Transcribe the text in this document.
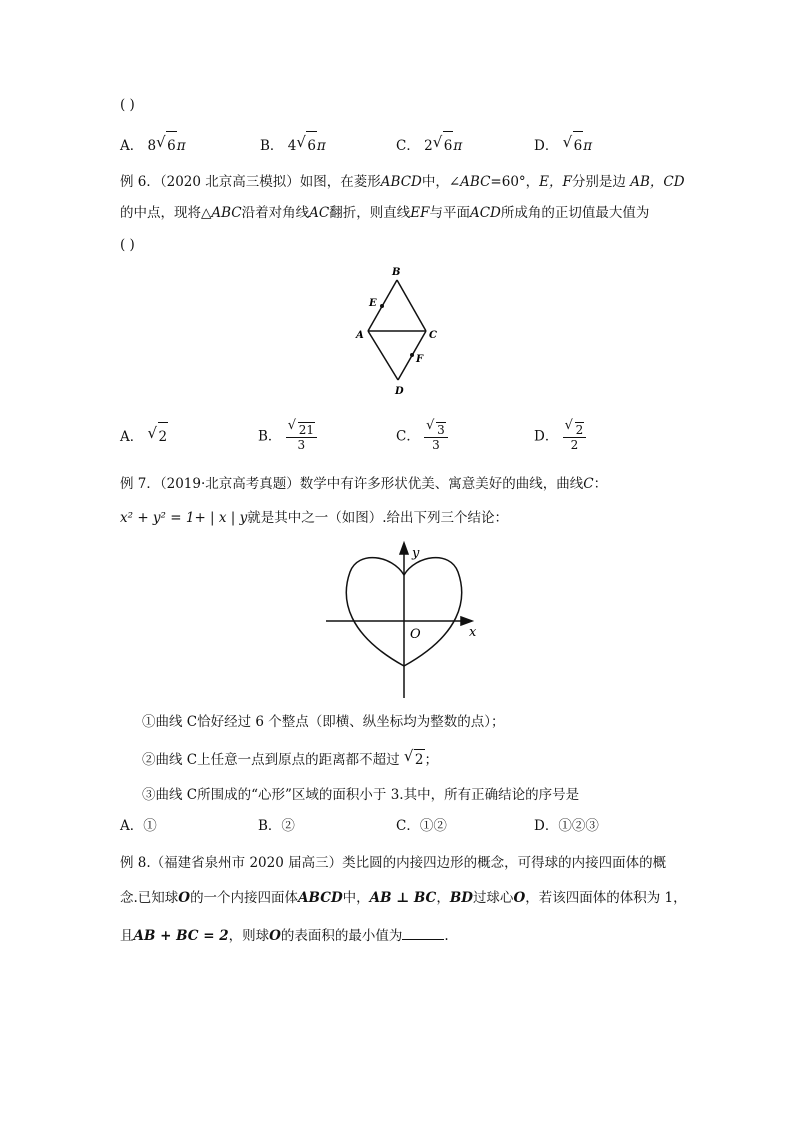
( )
A． 8 √ 6π	B． 4 √ 6π	C． 2 √ 6π	D． √ 6π
例 6．（2020 北京高三模拟）如图，在菱形ABCD中，∠ABC=60°，E，F分别是边 AB，CD
的中点，现将△ABC沿着对角线AC翻折，则直线EF与平面ACD所成角的正切值最大值为
( )
B
E
A	C
F
D
A． √ 2	B． $\frac{√ 21}{3}$	C． $\frac{√ 3}{3}$	D． $\frac{√ 2}{2}$
例 7．（2019·北京高考真题）数学中有许多形状优美、寓意美好的曲线，曲线C：
x² + y² = 1+ | x | y就是其中之一（如图）.给出下列三个结论：
y
x
O
①曲线 C恰好经过 6 个整点（即横、纵坐标均为整数的点）；
②曲线 C上任意一点到原点的距离都不超过 √ 2；
③曲线 C所围成的“心形”区域的面积小于 3.其中，所有正确结论的序号是
A．①	B．②	C．①②	D．①②③
例 8.（福建省泉州市 2020 届高三）类比圆的内接四边形的概念，可得球的内接四面体的概
念.已知球O的一个内接四面体ABCD中，AB ⊥ BC，BD过球心O，若该四面体的体积为 1，
且AB + BC = 2，则球O的表面积的最小值为	.
